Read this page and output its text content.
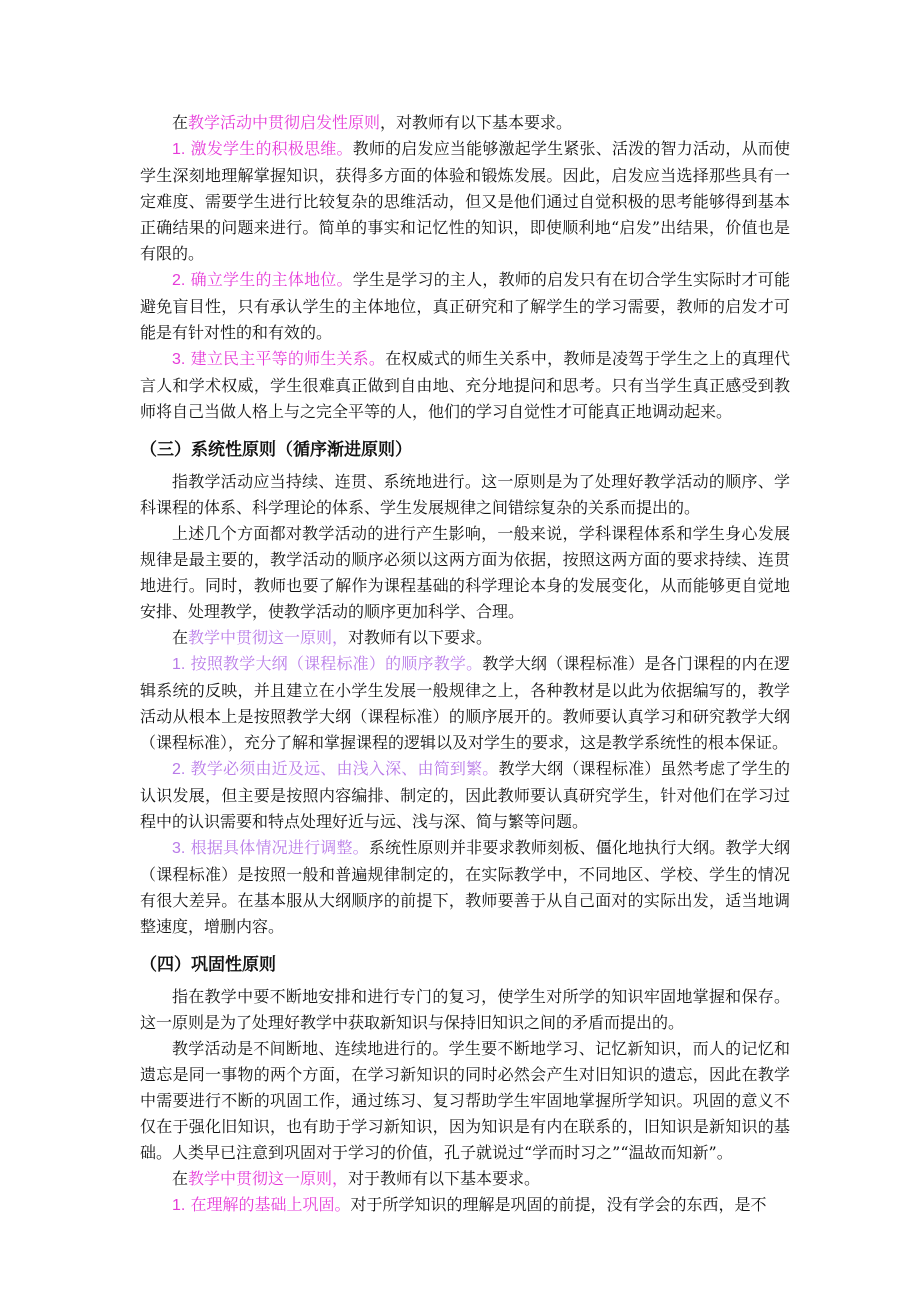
在教学活动中贯彻启发性原则，对教师有以下基本要求。

1. 激发学生的积极思维。教师的启发应当能够激起学生紧张、活泼的智力活动，从而使学生深刻地理解掌握知识，获得多方面的体验和锻炼发展。因此，启发应当选择那些具有一定难度、需要学生进行比较复杂的思维活动，但又是他们通过自觉积极的思考能够得到基本正确结果的问题来进行。简单的事实和记忆性的知识，即使顺利地“启发”出结果，价值也是有限的。

2. 确立学生的主体地位。学生是学习的主人，教师的启发只有在切合学生实际时才可能避免盲目性，只有承认学生的主体地位，真正研究和了解学生的学习需要，教师的启发才可能是有针对性的和有效的。

3. 建立民主平等的师生关系。在权威式的师生关系中，教师是凌驾于学生之上的真理代言人和学术权威，学生很难真正做到自由地、充分地提问和思考。只有当学生真正感受到教师将自己当做人格上与之完全平等的人，他们的学习自觉性才可能真正地调动起来。

（三）系统性原则（循序渐进原则）

指教学活动应当持续、连贯、系统地进行。这一原则是为了处理好教学活动的顺序、学科课程的体系、科学理论的体系、学生发展规律之间错综复杂的关系而提出的。

上述几个方面都对教学活动的进行产生影响，一般来说，学科课程体系和学生身心发展规律是最主要的，教学活动的顺序必须以这两方面为依据，按照这两方面的要求持续、连贯地进行。同时，教师也要了解作为课程基础的科学理论本身的发展变化，从而能够更自觉地安排、处理教学，使教学活动的顺序更加科学、合理。

在教学中贯彻这一原则，对教师有以下要求。

1. 按照教学大纲（课程标准）的顺序教学。教学大纲（课程标准）是各门课程的内在逻辑系统的反映，并且建立在小学生发展一般规律之上，各种教材是以此为依据编写的，教学活动从根本上是按照教学大纲（课程标准）的顺序展开的。教师要认真学习和研究教学大纲（课程标准），充分了解和掌握课程的逻辑以及对学生的要求，这是教学系统性的根本保证。

2. 教学必须由近及远、由浅入深、由简到繁。教学大纲（课程标准）虽然考虑了学生的认识发展，但主要是按照内容编排、制定的，因此教师要认真研究学生，针对他们在学习过程中的认识需要和特点处理好近与远、浅与深、简与繁等问题。

3. 根据具体情况进行调整。系统性原则并非要求教师刻板、僵化地执行大纲。教学大纲（课程标准）是按照一般和普遍规律制定的，在实际教学中，不同地区、学校、学生的情况有很大差异。在基本服从大纲顺序的前提下，教师要善于从自己面对的实际出发，适当地调整速度，增删内容。

（四）巩固性原则

指在教学中要不断地安排和进行专门的复习，使学生对所学的知识牢固地掌握和保存。这一原则是为了处理好教学中获取新知识与保持旧知识之间的矛盾而提出的。

教学活动是不间断地、连续地进行的。学生要不断地学习、记忆新知识，而人的记忆和遗忘是同一事物的两个方面，在学习新知识的同时必然会产生对旧知识的遗忘，因此在教学中需要进行不断的巩固工作，通过练习、复习帮助学生牢固地掌握所学知识。巩固的意义不仅在于强化旧知识，也有助于学习新知识，因为知识是有内在联系的，旧知识是新知识的基础。人类早已注意到巩固对于学习的价值，孔子就说过“学而时习之”“温故而知新”。

在教学中贯彻这一原则，对于教师有以下基本要求。

1. 在理解的基础上巩固。对于所学知识的理解是巩固的前提，没有学会的东西，是不
